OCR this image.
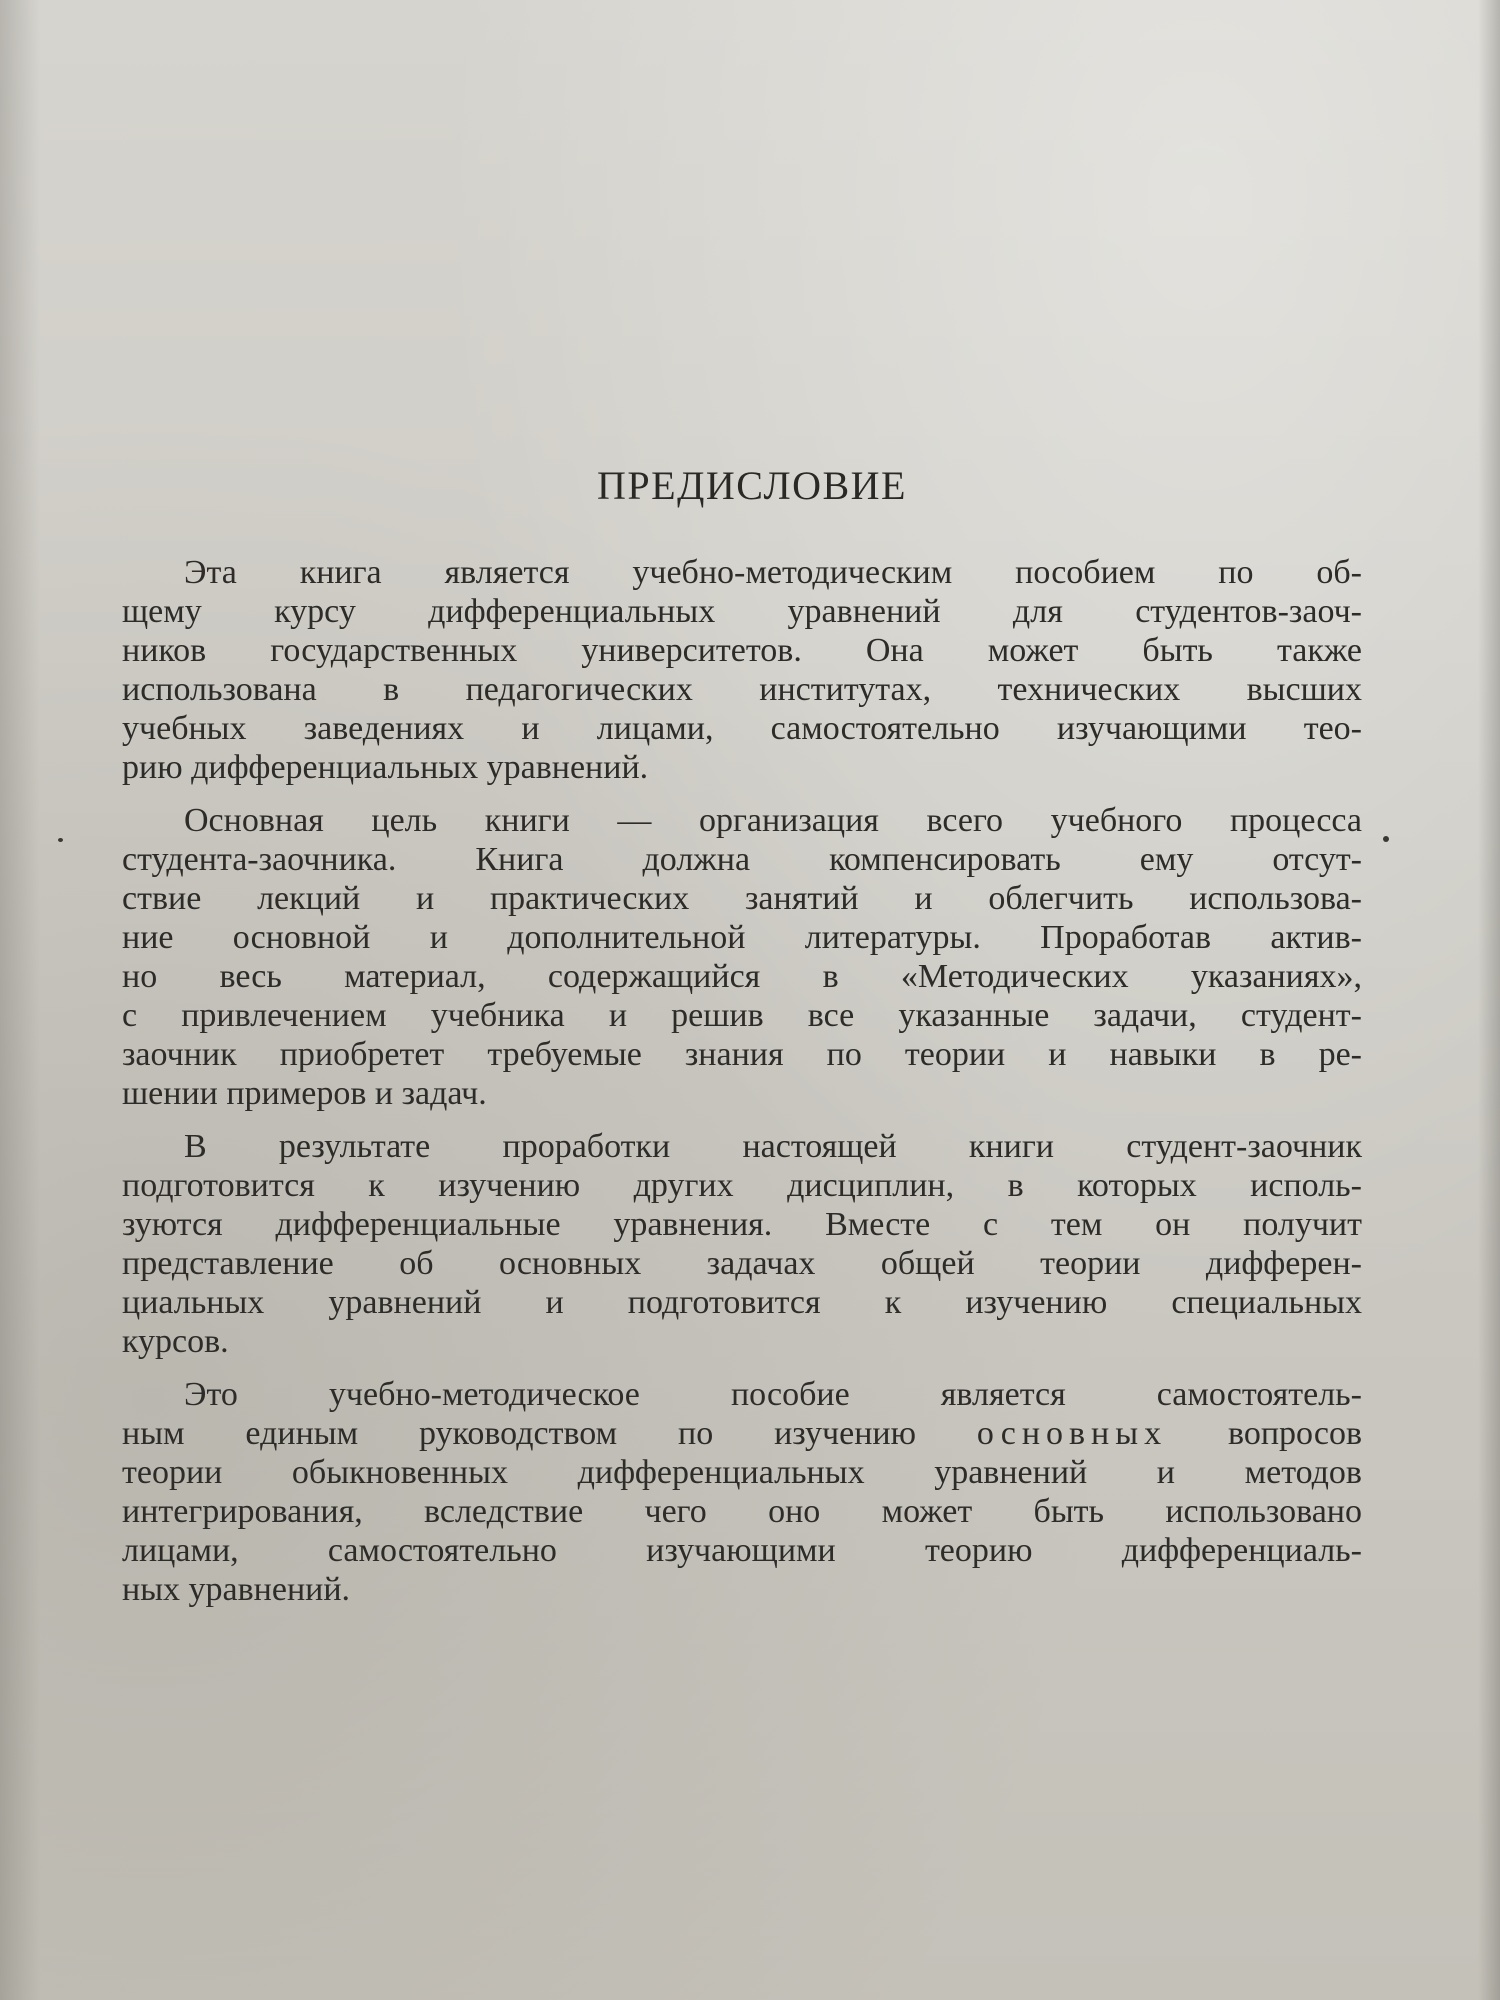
ПРЕДИСЛОВИЕ
Эта книга является учебно-методическим пособием по об-
щему курсу дифференциальных уравнений для студентов-заоч-
ников государственных университетов. Она может быть также
использована в педагогических институтах, технических высших
учебных заведениях и лицами, самостоятельно изучающими тео-
рию дифференциальных уравнений.
Основная цель книги — организация всего учебного процесса
студента-заочника. Книга должна компенсировать ему отсут-
ствие лекций и практических занятий и облегчить использова-
ние основной и дополнительной литературы. Проработав актив-
но весь материал, содержащийся в «Методических указаниях»,
с привлечением учебника и решив все указанные задачи, студент-
заочник приобретет требуемые знания по теории и навыки в ре-
шении примеров и задач.
В результате проработки настоящей книги студент-заочник
подготовится к изучению других дисциплин, в которых исполь-
зуются дифференциальные уравнения. Вместе с тем он получит
представление об основных задачах общей теории дифферен-
циальных уравнений и подготовится к изучению специальных
курсов.
Это учебно-методическое пособие является самостоятель-
ным единым руководством по изучению основных вопросов
теории обыкновенных дифференциальных уравнений и методов
интегрирования, вследствие чего оно может быть использовано
лицами, самостоятельно изучающими теорию дифференциаль-
ных уравнений.
